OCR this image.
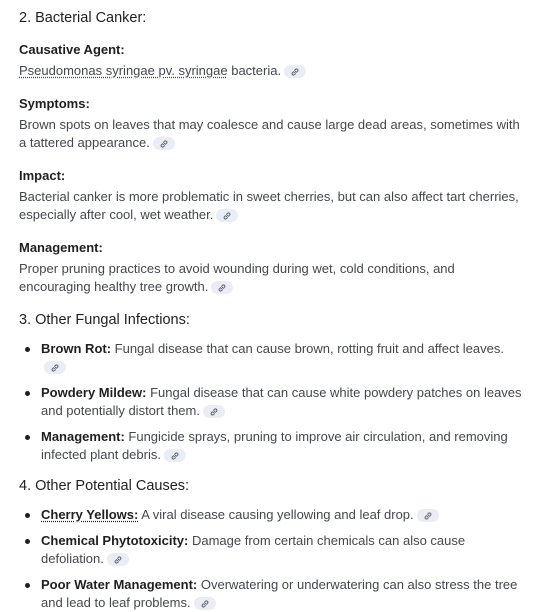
2. Bacterial Canker:
Causative Agent:

Pseudomonas syringae pv. syringae bacteria.

Symptoms:

Brown spots on leaves that may coalesce and cause large dead areas, sometimes with a tattered appearance.

Impact:

Bacterial canker is more problematic in sweet cherries, but can also affect tart cherries, especially after cool, wet weather.

Management:

Proper pruning practices to avoid wounding during wet, cold conditions, and encouraging healthy tree growth.

3. Other Fungal Infections:
Brown Rot: Fungal disease that can cause brown, rotting fruit and affect leaves.
Powdery Mildew: Fungal disease that can cause white powdery patches on leaves and potentially distort them.
Management: Fungicide sprays, pruning to improve air circulation, and removing infected plant debris.
4. Other Potential Causes:
Cherry Yellows: A viral disease causing yellowing and leaf drop.
Chemical Phytotoxicity: Damage from certain chemicals can also cause defoliation.
Poor Water Management: Overwatering or underwatering can also stress the tree and lead to leaf problems.
